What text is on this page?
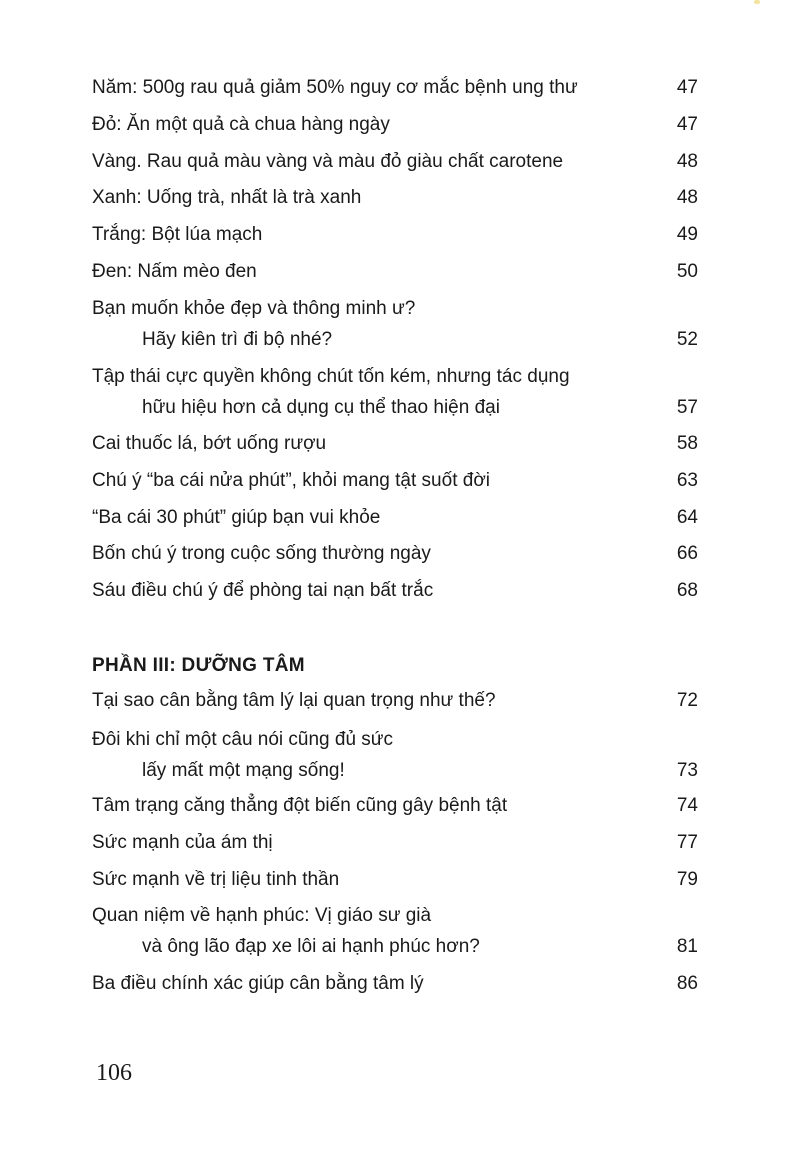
Năm: 500g rau quả giảm 50% nguy cơ mắc bệnh ung thư	47
Đỏ: Ăn một quả cà chua hàng ngày	47
Vàng. Rau quả màu vàng và màu đỏ giàu chất carotene	48
Xanh: Uống trà, nhất là trà xanh	48
Trắng: Bột lúa mạch	49
Đen: Nấm mèo đen	50
Bạn muốn khỏe đẹp và thông minh ư?
Hãy kiên trì đi bộ nhé?	52
Tập thái cực quyền không chút tốn kém, nhưng tác dụng
hữu hiệu hơn cả dụng cụ thể thao hiện đại	57
Cai thuốc lá, bớt uống rượu	58
Chú ý “ba cái nửa phút”, khỏi mang tật suốt đời	63
“Ba cái 30 phút” giúp bạn vui khỏe	64
Bốn chú ý trong cuộc sống thường ngày	66
Sáu điều chú ý để phòng tai nạn bất trắc	68
PHẦN III: DƯỠNG TÂM
Tại sao cân bằng tâm lý lại quan trọng như thế?	72
Đôi khi chỉ một câu nói cũng đủ sức
lấy mất một mạng sống!	73
Tâm trạng căng thẳng đột biến cũng gây bệnh tật	74
Sức mạnh của ám thị	77
Sức mạnh về trị liệu tinh thần	79
Quan niệm về hạnh phúc: Vị giáo sư già
và ông lão đạp xe lôi ai hạnh phúc hơn?	81
Ba điều chính xác giúp cân bằng tâm lý	86
106
